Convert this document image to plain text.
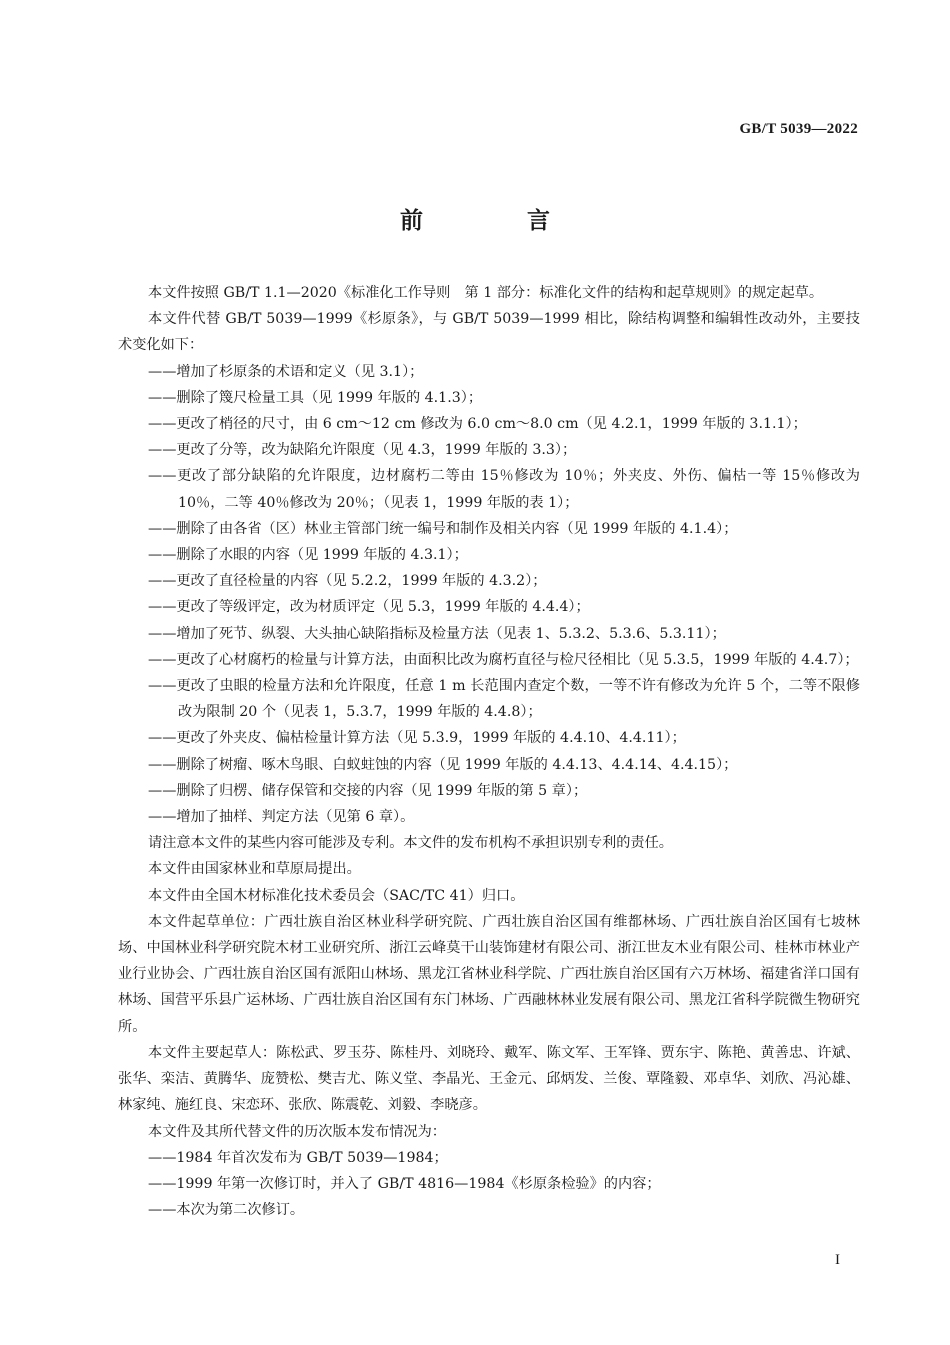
GB/T 5039—2022
前 言

本文件按照 GB/T 1.1—2020《标准化工作导则　第 1 部分：标准化文件的结构和起草规则》的规定起草。

本文件代替 GB/T 5039—1999《杉原条》，与 GB/T 5039—1999 相比，除结构调整和编辑性改动外，主要技术变化如下：

——增加了杉原条的术语和定义（见 3.1）；

——删除了篾尺检量工具（见 1999 年版的 4.1.3）；

——更改了梢径的尺寸，由 6 cm～12 cm 修改为 6.0 cm～8.0 cm（见 4.2.1，1999 年版的 3.1.1）；

——更改了分等，改为缺陷允许限度（见 4.3，1999 年版的 3.3）；

——更改了部分缺陷的允许限度，边材腐朽二等由 15％修改为 10％；外夹皮、外伤、偏枯一等 15％修改为 10％，二等 40％修改为 20％；（见表 1，1999 年版的表 1）；

——删除了由各省（区）林业主管部门统一编号和制作及相关内容（见 1999 年版的 4.1.4）；

——删除了水眼的内容（见 1999 年版的 4.3.1）；

——更改了直径检量的内容（见 5.2.2，1999 年版的 4.3.2）；

——更改了等级评定，改为材质评定（见 5.3，1999 年版的 4.4.4）；

——增加了死节、纵裂、大头抽心缺陷指标及检量方法（见表 1、5.3.2、5.3.6、5.3.11）；

——更改了心材腐朽的检量与计算方法，由面积比改为腐朽直径与检尺径相比（见 5.3.5，1999 年版的 4.4.7）；

——更改了虫眼的检量方法和允许限度，任意 1 m 长范围内查定个数，一等不许有修改为允许 5 个，二等不限修改为限制 20 个（见表 1，5.3.7，1999 年版的 4.4.8）；

——更改了外夹皮、偏枯检量计算方法（见 5.3.9，1999 年版的 4.4.10、4.4.11）；

——删除了树瘤、啄木鸟眼、白蚁蛀蚀的内容（见 1999 年版的 4.4.13、4.4.14、4.4.15）；

——删除了归楞、储存保管和交接的内容（见 1999 年版的第 5 章）；

——增加了抽样、判定方法（见第 6 章）。

请注意本文件的某些内容可能涉及专利。本文件的发布机构不承担识别专利的责任。

本文件由国家林业和草原局提出。

本文件由全国木材标准化技术委员会（SAC/TC 41）归口。

本文件起草单位：广西壮族自治区林业科学研究院、广西壮族自治区国有维都林场、广西壮族自治区国有七坡林场、中国林业科学研究院木材工业研究所、浙江云峰莫干山装饰建材有限公司、浙江世友木业有限公司、桂林市林业产业行业协会、广西壮族自治区国有派阳山林场、黑龙江省林业科学院、广西壮族自治区国有六万林场、福建省洋口国有林场、国营平乐县广运林场、广西壮族自治区国有东门林场、广西融林林业发展有限公司、黑龙江省科学院微生物研究所。

本文件主要起草人：陈松武、罗玉芬、陈桂丹、刘晓玲、戴军、陈文军、王军锋、贾东宇、陈艳、黄善忠、许斌、张华、栾洁、黄腾华、庞赞松、樊吉尤、陈义堂、李晶光、王金元、邱炳发、兰俊、覃隆毅、邓卓华、刘欣、冯沁雄、林家纯、施红良、宋恋环、张欣、陈震乾、刘毅、李晓彦。

本文件及其所代替文件的历次版本发布情况为：

——1984 年首次发布为 GB/T 5039—1984；

——1999 年第一次修订时，并入了 GB/T 4816—1984《杉原条检验》的内容；

——本次为第二次修订。

I
